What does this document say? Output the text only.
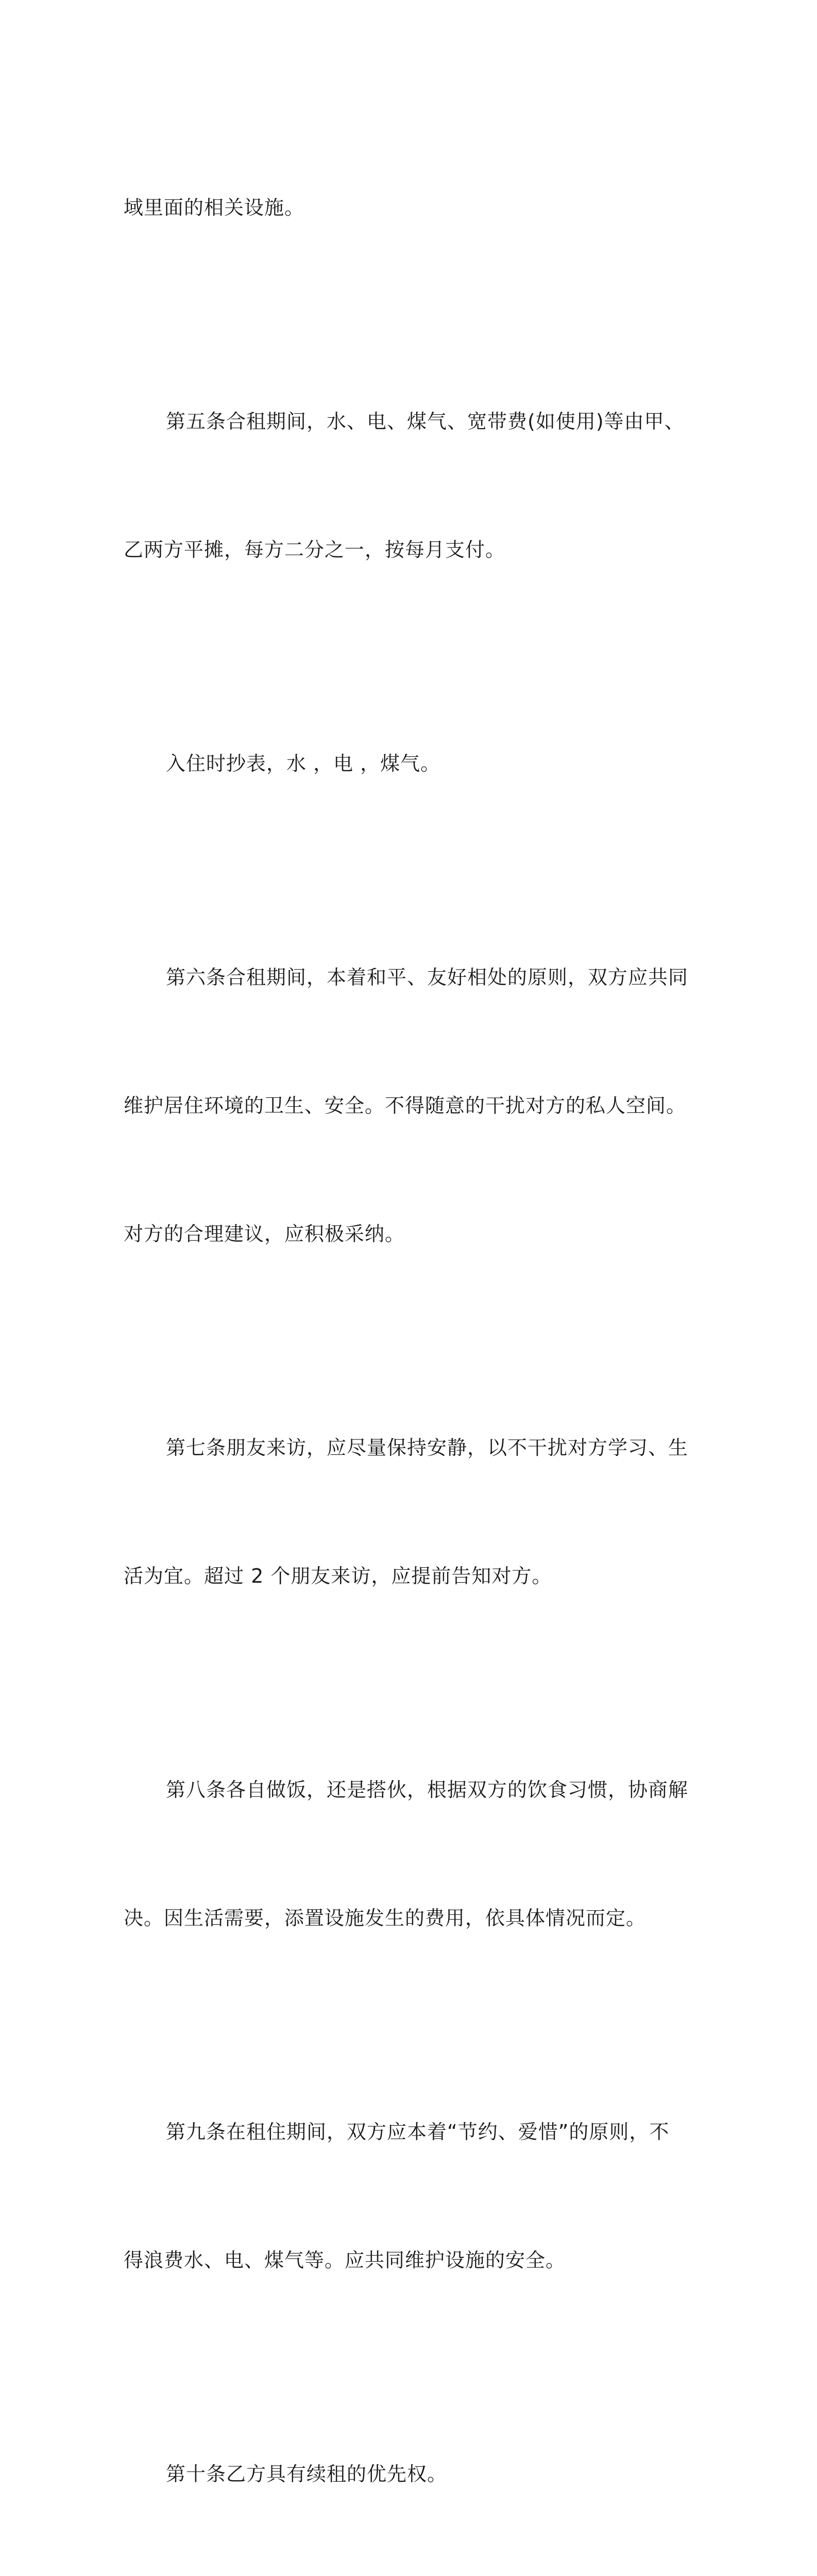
域里面的相关设施。

第五条合租期间，水、电、煤气、宽带费(如使用)等由甲、

乙两方平摊，每方二分之一，按每月支付。

入住时抄表，水 ，电 ，煤气。

第六条合租期间，本着和平、友好相处的原则，双方应共同

维护居住环境的卫生、安全。不得随意的干扰对方的私人空间。

对方的合理建议，应积极采纳。

第七条朋友来访，应尽量保持安静，以不干扰对方学习、生

活为宜。超过 2 个朋友来访，应提前告知对方。

第八条各自做饭，还是搭伙，根据双方的饮食习惯，协商解

决。因生活需要，添置设施发生的费用，依具体情况而定。

第九条在租住期间，双方应本着“节约、爱惜”的原则，不

得浪费水、电、煤气等。应共同维护设施的安全。

第十条乙方具有续租的优先权。
